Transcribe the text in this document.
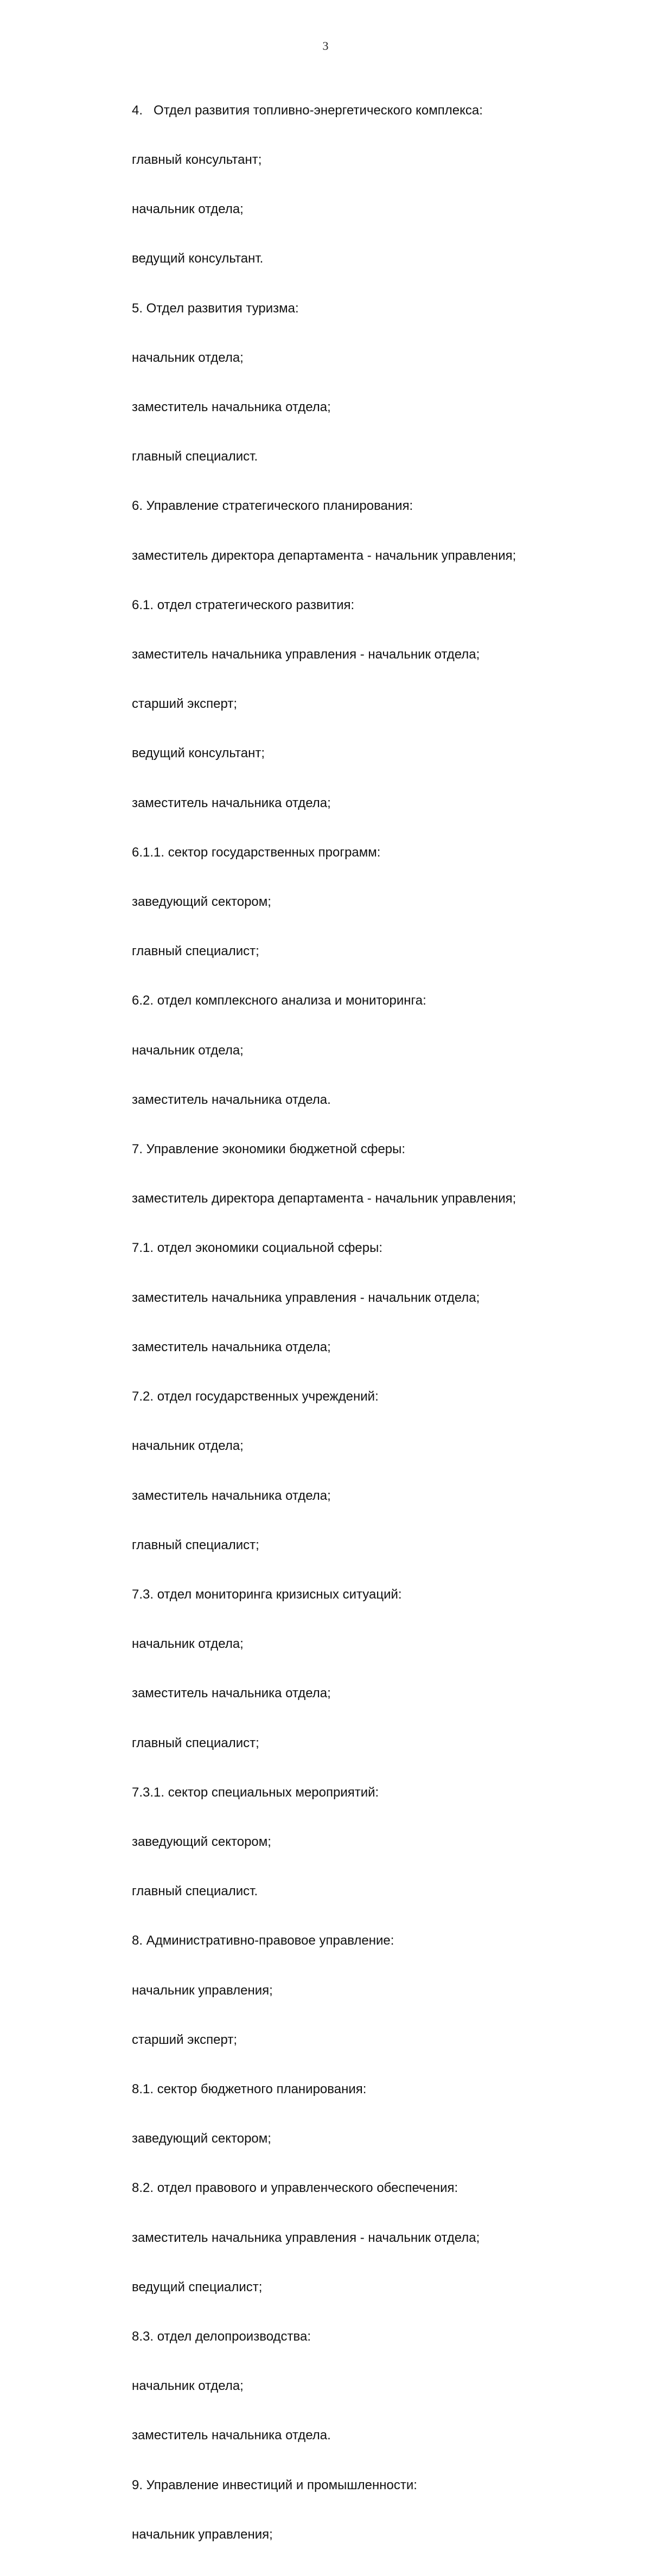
3

4.   Отдел развития топливно-энергетического комплекса:

главный консультант;

начальник отдела;

ведущий консультант.

5. Отдел развития туризма:

начальник отдела;

заместитель начальника отдела;

главный специалист.

6. Управление стратегического планирования:

заместитель директора департамента - начальник управления;

6.1. отдел стратегического развития:

заместитель начальника управления - начальник отдела;

старший эксперт;

ведущий консультант;

заместитель начальника отдела;

6.1.1. сектор государственных программ:

заведующий сектором;

главный специалист;

6.2. отдел комплексного анализа и мониторинга:

начальник отдела;

заместитель начальника отдела.

7. Управление экономики бюджетной сферы:

заместитель директора департамента - начальник управления;

7.1. отдел экономики социальной сферы:

заместитель начальника управления - начальник отдела;

заместитель начальника отдела;

7.2. отдел государственных учреждений:

начальник отдела;

заместитель начальника отдела;

главный специалист;

7.3. отдел мониторинга кризисных ситуаций:

начальник отдела;

заместитель начальника отдела;

главный специалист;

7.3.1. сектор специальных мероприятий:

заведующий сектором;

главный специалист.

8. Административно-правовое управление:

начальник управления;

старший эксперт;

8.1. сектор бюджетного планирования:

заведующий сектором;

8.2. отдел правового и управленческого обеспечения:

заместитель начальника управления - начальник отдела;

ведущий специалист;

8.3. отдел делопроизводства:

начальник отдела;

заместитель начальника отдела.

9. Управление инвестиций и промышленности:

начальник управления;
